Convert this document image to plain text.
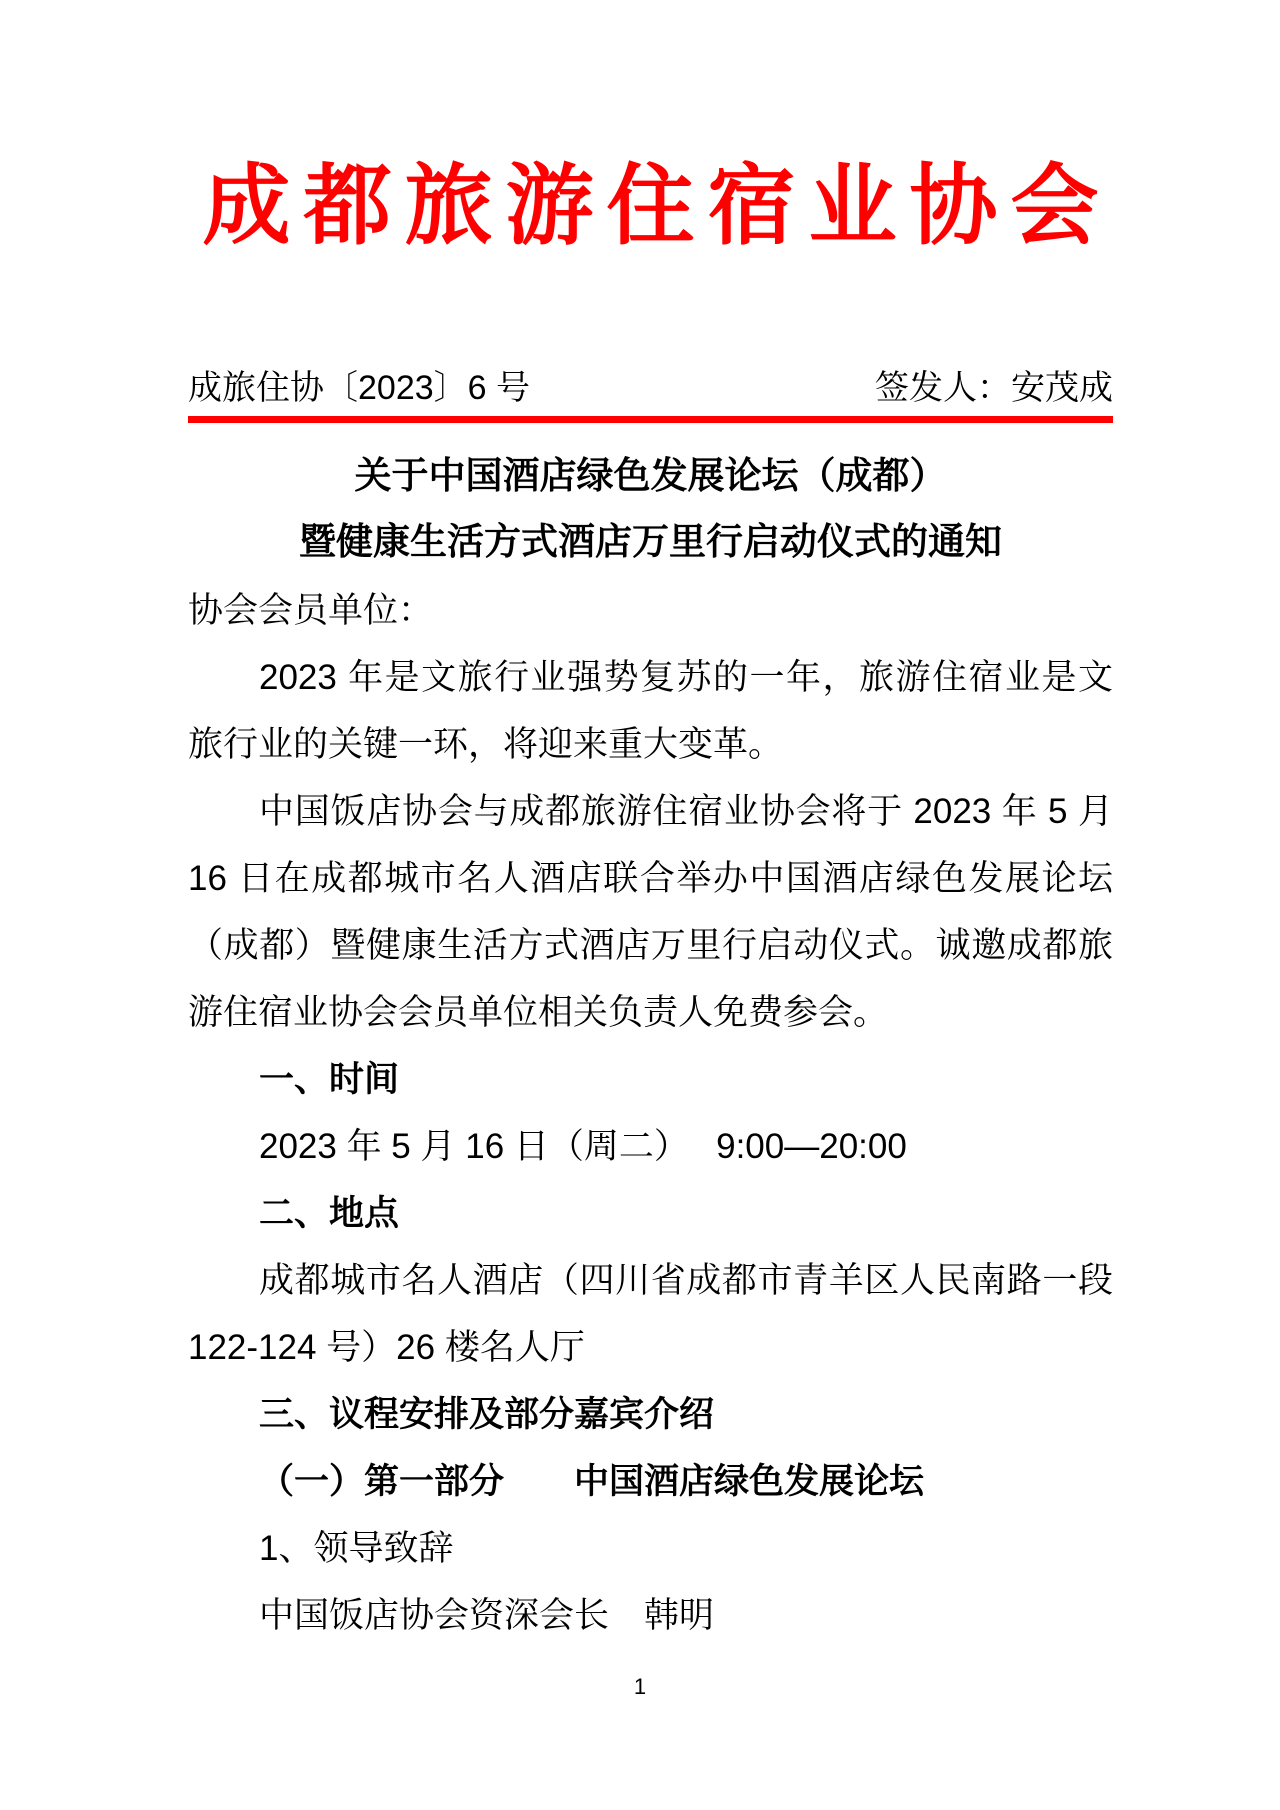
成都旅游住宿业协会
成旅住协〔2023〕6 号	签发人：安茂成
关于中国酒店绿色发展论坛（成都）
暨健康生活方式酒店万里行启动仪式的通知

协会会员单位：

2023 年是文旅行业强势复苏的一年，旅游住宿业是文旅行业的关键一环，将迎来重大变革。

中国饭店协会与成都旅游住宿业协会将于 2023 年 5 月 16 日在成都城市名人酒店联合举办中国酒店绿色发展论坛（成都）暨健康生活方式酒店万里行启动仪式。诚邀成都旅游住宿业协会会员单位相关负责人免费参会。

一、时间

2023 年 5 月 16 日（周二）　 9:00—20:00

二、地点

成都城市名人酒店（四川省成都市青羊区人民南路一段 122-124 号）26 楼名人厅

三、议程安排及部分嘉宾介绍

（一）第一部分　　中国酒店绿色发展论坛

1、领导致辞

中国饭店协会资深会长　韩明

1
